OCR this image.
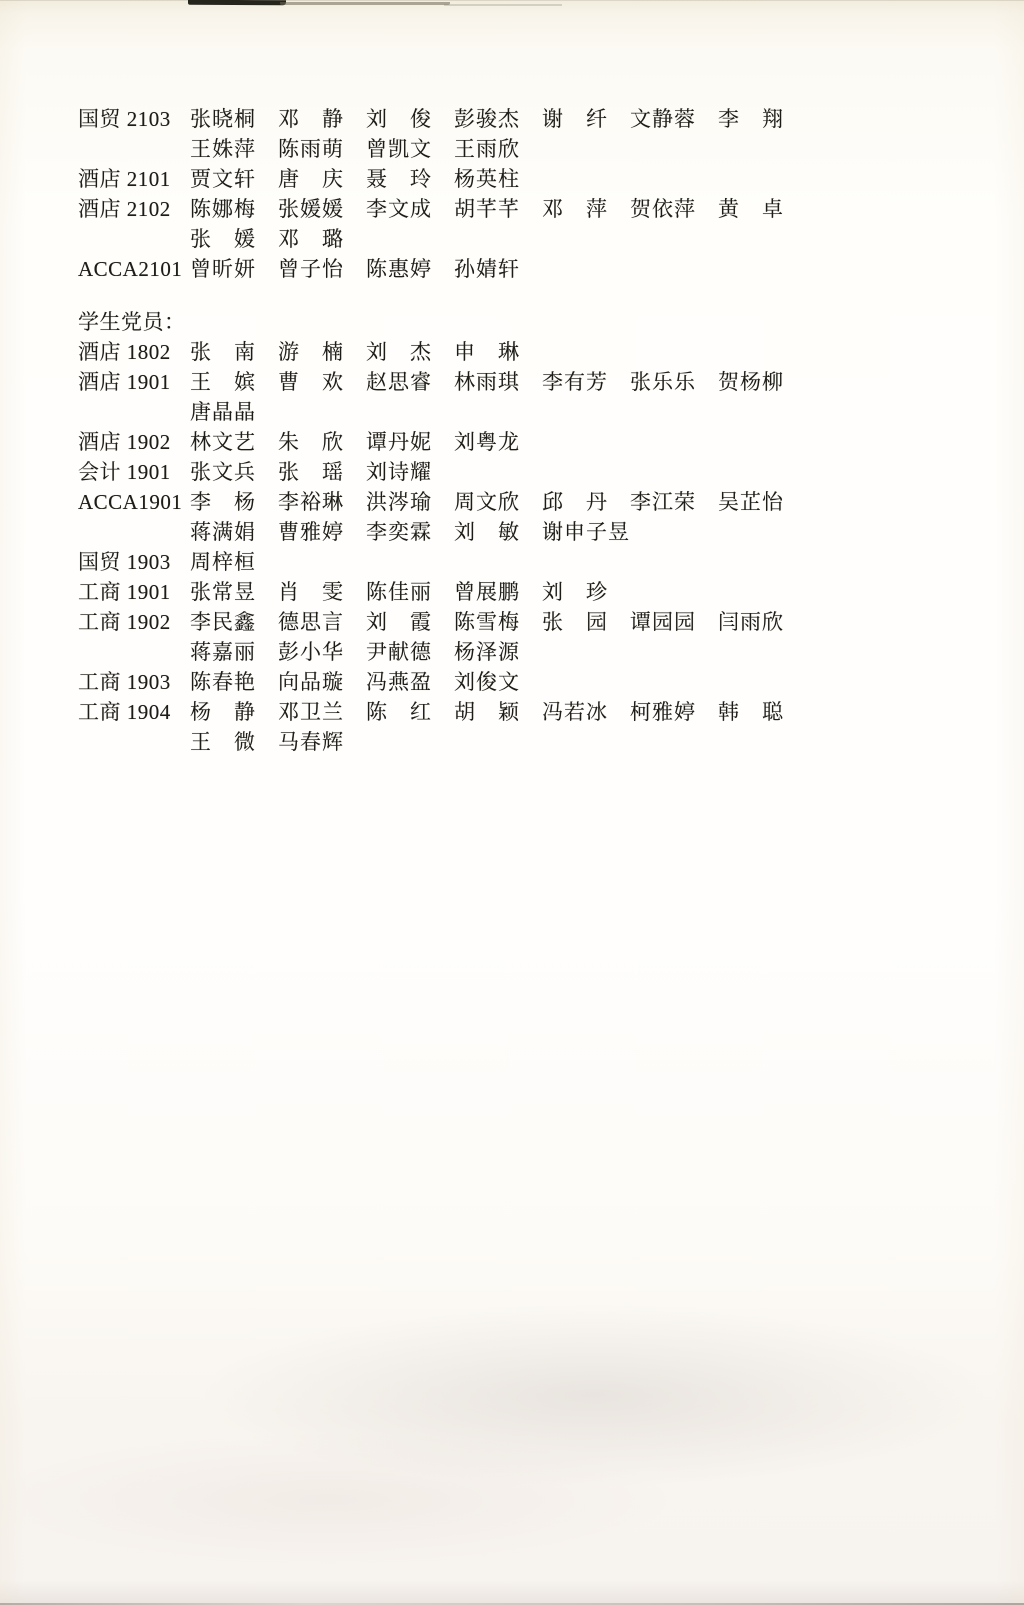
国贸 2103 张晓桐　邓　静　刘　俊　彭骏杰　谢　纤　文静蓉　李　翔
王姝萍　陈雨萌　曾凯文　王雨欣
酒店 2101 贾文轩　唐　庆　聂　玲　杨英柱
酒店 2102 陈娜梅　张媛媛　李文成　胡芊芊　邓　萍　贺依萍　黄　卓
张　媛　邓　璐
ACCA2101 曾昕妍　曾子怡　陈惠婷　孙婧轩
学生党员：
酒店 1802 张　南　游　楠　刘　杰　申　琳
酒店 1901 王　嫔　曹　欢　赵思睿　林雨琪　李有芳　张乐乐　贺杨柳
唐晶晶
酒店 1902 林文艺　朱　欣　谭丹妮　刘粤龙
会计 1901 张文兵　张　瑶　刘诗耀
ACCA1901 李　杨　李裕琳　洪涔瑜　周文欣　邱　丹　李江荣　吴芷怡
蒋满娟　曹雅婷　李奕霖　刘　敏　谢申子昱
国贸 1903 周梓桓
工商 1901 张常昱　肖　雯　陈佳丽　曾展鹏　刘　珍
工商 1902 李民鑫　德思言　刘　霞　陈雪梅　张　园　谭园园　闫雨欣
蒋嘉丽　彭小华　尹献德　杨泽源
工商 1903 陈春艳　向品璇　冯燕盈　刘俊文
工商 1904 杨　静　邓卫兰　陈　红　胡　颖　冯若冰　柯雅婷　韩　聪
王　微　马春辉
